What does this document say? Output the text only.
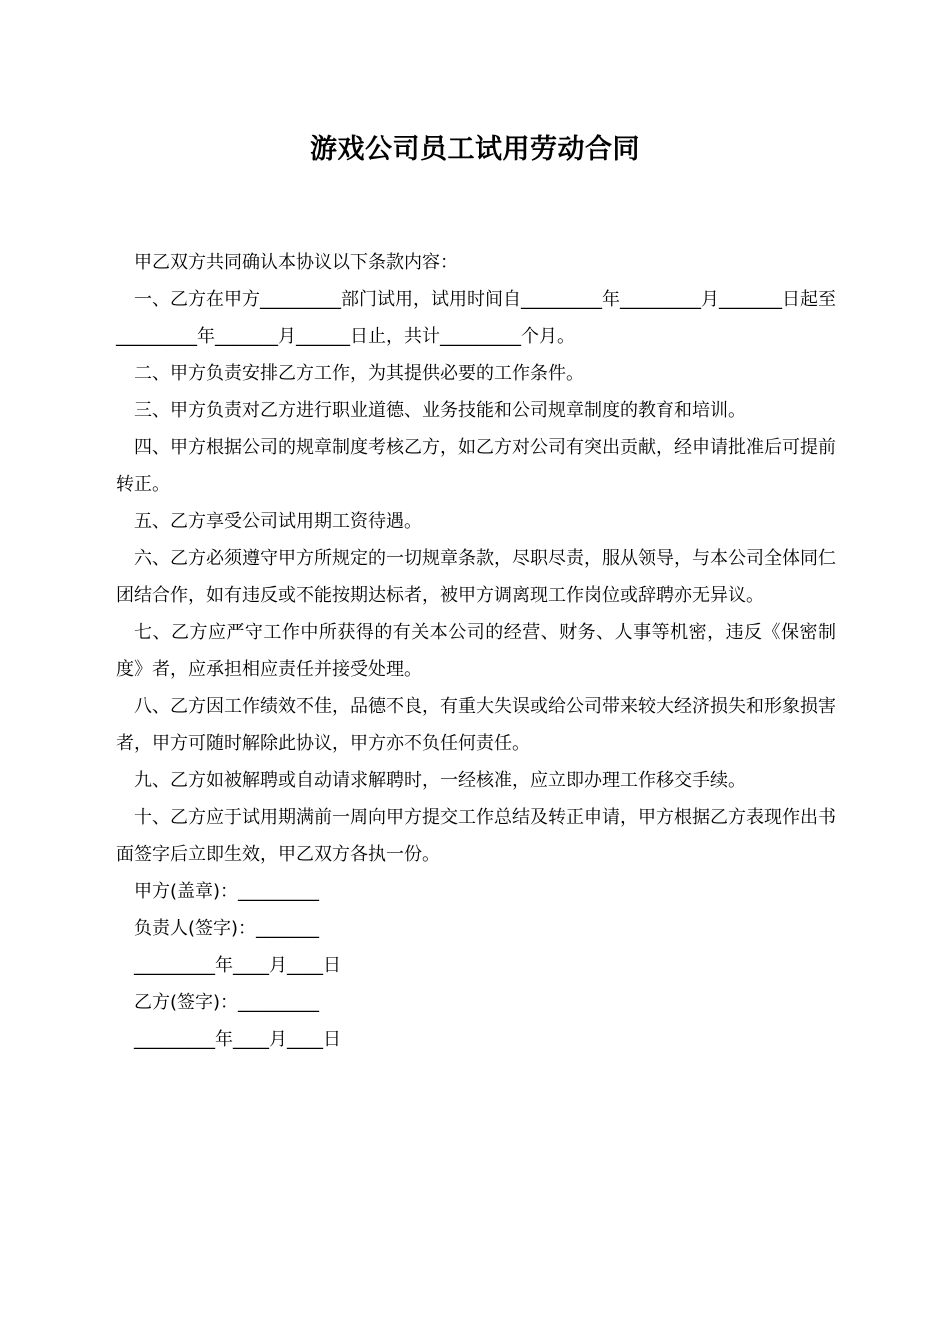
游戏公司员工试用劳动合同

甲乙双方共同确认本协议以下条款内容：

一、乙方在甲方_________部门试用，试用时间自_________年_________月_______日起至_________年_______月______日止，共计_________个月。

二、甲方负责安排乙方工作，为其提供必要的工作条件。

三、甲方负责对乙方进行职业道德、业务技能和公司规章制度的教育和培训。

四、甲方根据公司的规章制度考核乙方，如乙方对公司有突出贡献，经申请批准后可提前转正。

五、乙方享受公司试用期工资待遇。

六、乙方必须遵守甲方所规定的一切规章条款，尽职尽责，服从领导，与本公司全体同仁团结合作，如有违反或不能按期达标者，被甲方调离现工作岗位或辞聘亦无异议。

七、乙方应严守工作中所获得的有关本公司的经营、财务、人事等机密，违反《保密制度》者，应承担相应责任并接受处理。

八、乙方因工作绩效不佳，品德不良，有重大失误或给公司带来较大经济损失和形象损害者，甲方可随时解除此协议，甲方亦不负任何责任。

九、乙方如被解聘或自动请求解聘时，一经核准，应立即办理工作移交手续。

十、乙方应于试用期满前一周向甲方提交工作总结及转正申请，甲方根据乙方表现作出书面签字后立即生效，甲乙双方各执一份。

甲方(盖章)：_________

负责人(签字)：_______

_________年____月____日

乙方(签字)：_________

_________年____月____日
